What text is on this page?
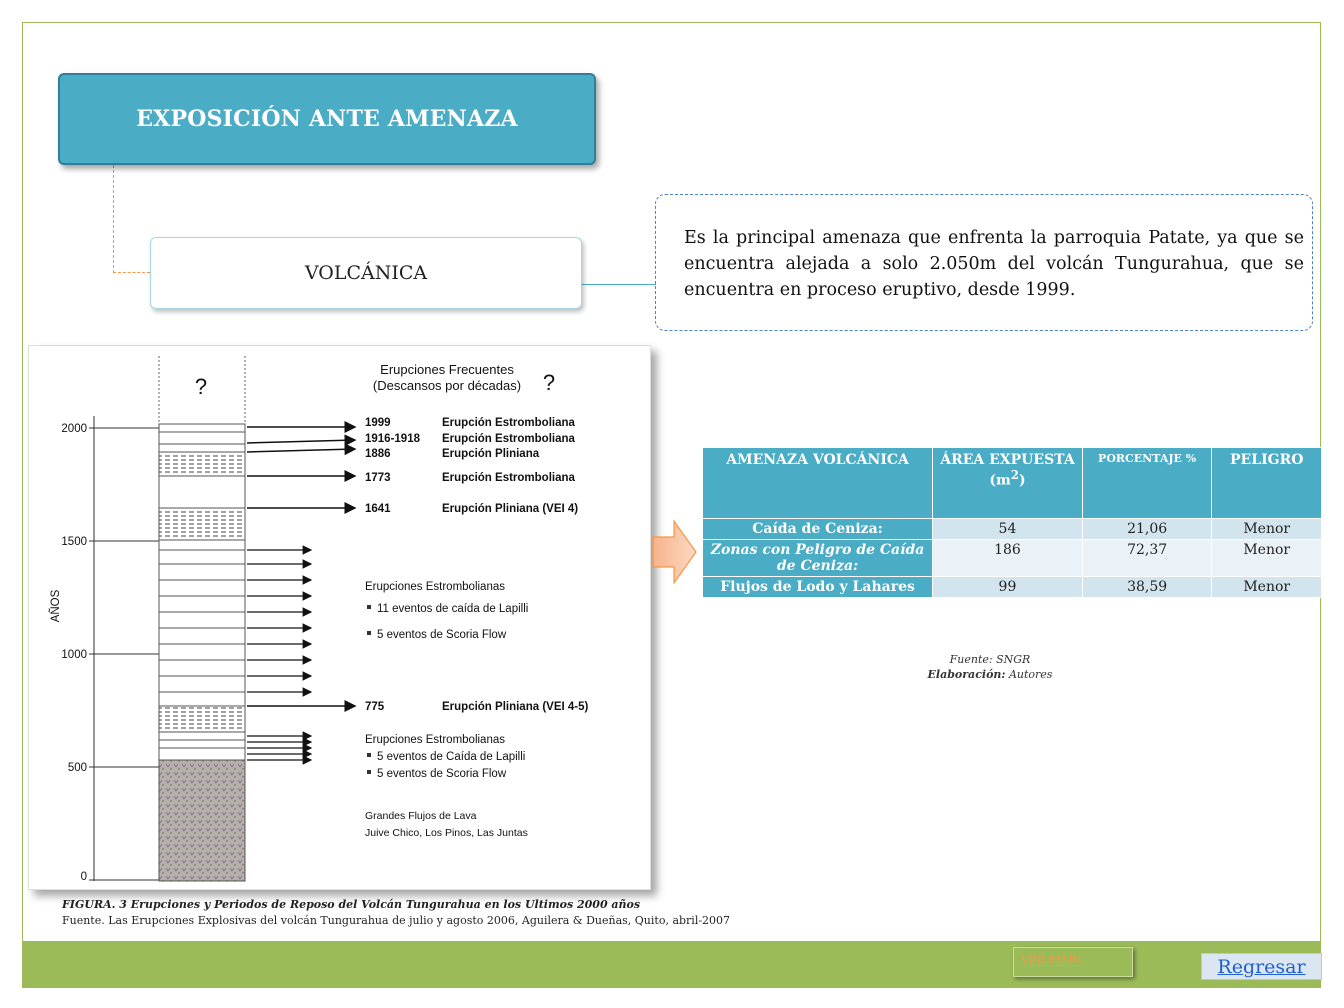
EXPOSICIÓN ANTE AMENAZA
VOLCÁNICA

Es la principal amenaza que enfrenta la parroquia Patate, ya que se encuentra alejada a solo 2.050m del volcán Tungurahua, que se encuentra en proceso eruptivo, desde 1999.

2000
1500
1000
500
0
AÑOS
?	?
Erupciones Frecuentes
(Descansos por décadas)
1999	Erupción Estromboliana
1916-1918 Erupción Estromboliana
1886	Erupción Pliniana
1773	Erupción Estromboliana
1641	Erupción Pliniana (VEI 4)
Erupciones Estrombolianas
11 eventos de caída de Lapilli
5 eventos de Scoria Flow
775	Erupción Pliniana (VEI 4-5)
Erupciones Estrombolianas
5 eventos de Caída de Lapilli
5 eventos de Scoria Flow
Grandes Flujos de Lava
Juive Chico, Los Pinos, Las Juntas
FIGURA. 3 Erupciones y Periodos de Reposo del Volcán Tungurahua en los Ultimos 2000 años
Fuente. Las Erupciones Explosivas del volcán Tungurahua de julio y agosto 2006, Aguilera & Dueñas, Quito, abril-2007
AMENAZA VOLCÁNICA	ÁREA EXPUESTA $(m^2)$	PORCENTAJE %	PELIGRO
Caída de Ceniza:	54	21,06	Menor
Zonas con Peligro de Caída de Ceniza:	186	72,37	Menor
Flujos de Lodo y Lahares	99	38,59	Menor
Fuente: SNGR
Elaboración: Autores
VER MAPA	Regresar
